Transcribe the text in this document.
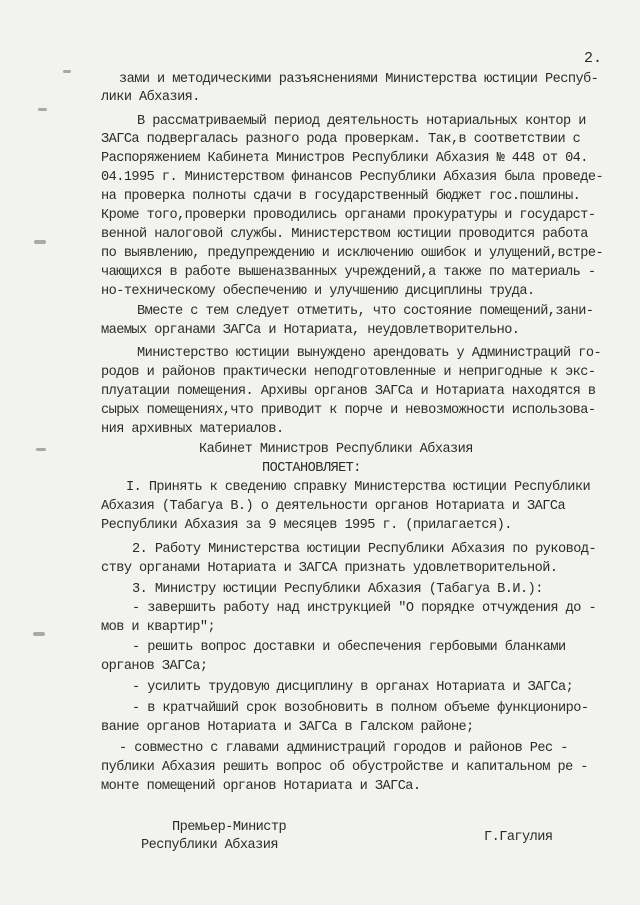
2.
зами и методическими разъяснениями Министерства юстиции Респуб-
лики Абхазия.
В рассматриваемый период деятельность нотариальных контор и
ЗАГСа подвергалась разного рода проверкам. Так,в соответствии с
Распоряжением Кабинета Министров Республики Абхазия № 448 от 04.
04.1995 г. Министерством финансов Республики Абхазия была проведе-
на проверка полноты сдачи в государственный бюджет гос.пошлины.
Кроме того,проверки проводились органами прокуратуры и государст-
венной налоговой службы. Министерством юстиции проводится работа
по выявлению, предупреждению и исключению ошибок и улущений,встре-
чающихся в работе вышеназванных учреждений,а также по материаль -
но-техническому обеспечению и улучшению дисциплины труда.
Вместе с тем следует отметить, что состояние помещений,зани-
маемых органами ЗАГСа и Нотариата, неудовлетворительно.
Министерство юстиции вынуждено арендовать у Администраций го-
родов и районов практически неподготовленные и непригодные к экс-
плуатации помещения. Архивы органов ЗАГСа и Нотариата находятся в
сырых помещениях,что приводит к порче и невозможности использова-
ния архивных материалов.
Кабинет Министров Республики Абхазия
ПОСТАНОВЛЯЕТ:
I. Принять к сведению справку Министерства юстиции Республики
Абхазия (Табагуа В.) о деятельности органов Нотариата и ЗАГСа
Республики Абхазия за 9 месяцев 1995 г. (прилагается).
2. Работу Министерства юстиции Республики Абхазия по руковод-
ству органами Нотариата и ЗАГСА признать удовлетворительной.
3. Министру юстиции Республики Абхазия (Табагуа В.И.):
- завершить работу над инструкцией "О порядке отчуждения до -
мов и квартир";
- решить вопрос доставки и обеспечения гербовыми бланками
органов ЗАГСа;
- усилить трудовую дисциплину в органах Нотариата и ЗАГСа;
- в кратчайший срок возобновить в полном объеме функциониро-
вание органов Нотариата и ЗАГСа в Галском районе;
- совместно с главами администраций городов и районов Рес -
публики Абхазия решить вопрос об обустройстве и капитальном ре -
монте помещений органов Нотариата и ЗАГСа.
Премьер-Министр
Республики Абхазия
Г.Гагулия
